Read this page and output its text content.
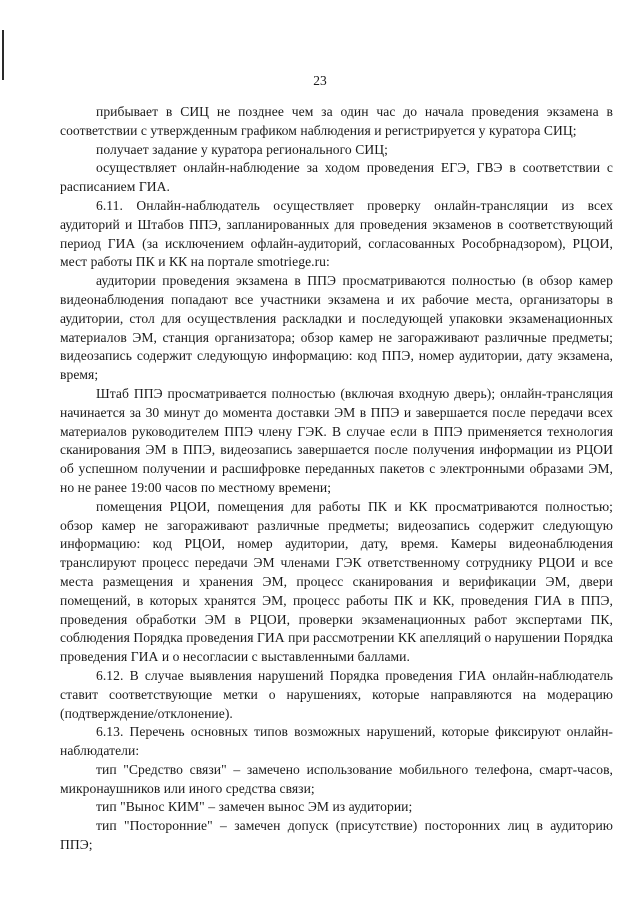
23

прибывает в СИЦ не позднее чем за один час до начала проведения экзамена в соответствии с утвержденным графиком наблюдения и регистрируется у куратора СИЦ;

получает задание у куратора регионального СИЦ;

осуществляет онлайн-наблюдение за ходом проведения ЕГЭ, ГВЭ в соответствии с расписанием ГИА.

6.11. Онлайн-наблюдатель осуществляет проверку онлайн-трансляции из всех аудиторий и Штабов ППЭ, запланированных для проведения экзаменов в соответствующий период ГИА (за исключением офлайн-аудиторий, согласованных Рособрнадзором), РЦОИ, мест работы ПК и КК на портале smotriege.ru:

аудитории проведения экзамена в ППЭ просматриваются полностью (в обзор камер видеонаблюдения попадают все участники экзамена и их рабочие места, организаторы в аудитории, стол для осуществления раскладки и последующей упаковки экзаменационных материалов ЭМ, станция организатора; обзор камер не загораживают различные предметы; видеозапись содержит следующую информацию: код ППЭ, номер аудитории, дату экзамена, время;

Штаб ППЭ просматривается полностью (включая входную дверь); онлайн-трансляция начинается за 30 минут до момента доставки ЭМ в ППЭ и завершается после передачи всех материалов руководителем ППЭ члену ГЭК. В случае если в ППЭ применяется технология сканирования ЭМ в ППЭ, видеозапись завершается после получения информации из РЦОИ об успешном получении и расшифровке переданных пакетов с электронными образами ЭМ, но не ранее 19:00 часов по местному времени;

помещения РЦОИ, помещения для работы ПК и КК просматриваются полностью; обзор камер не загораживают различные предметы; видеозапись содержит следующую информацию: код РЦОИ, номер аудитории, дату, время. Камеры видеонаблюдения транслируют процесс передачи ЭМ членами ГЭК ответственному сотруднику РЦОИ и все места размещения и хранения ЭМ, процесс сканирования и верификации ЭМ, двери помещений, в которых хранятся ЭМ, процесс работы ПК и КК, проведения ГИА в ППЭ, проведения обработки ЭМ в РЦОИ, проверки экзаменационных работ экспертами ПК, соблюдения Порядка проведения ГИА при рассмотрении КК апелляций о нарушении Порядка проведения ГИА и о несогласии с выставленными баллами.

6.12. В случае выявления нарушений Порядка проведения ГИА онлайн-наблюдатель ставит соответствующие метки о нарушениях, которые направляются на модерацию (подтверждение/отклонение).

6.13. Перечень основных типов возможных нарушений, которые фиксируют онлайн-наблюдатели:

тип "Средство связи" – замечено использование мобильного телефона, смарт-часов, микронаушников или иного средства связи;

тип "Вынос КИМ" – замечен вынос ЭМ из аудитории;

тип "Посторонние" – замечен допуск (присутствие) посторонних лиц в аудиторию ППЭ;
